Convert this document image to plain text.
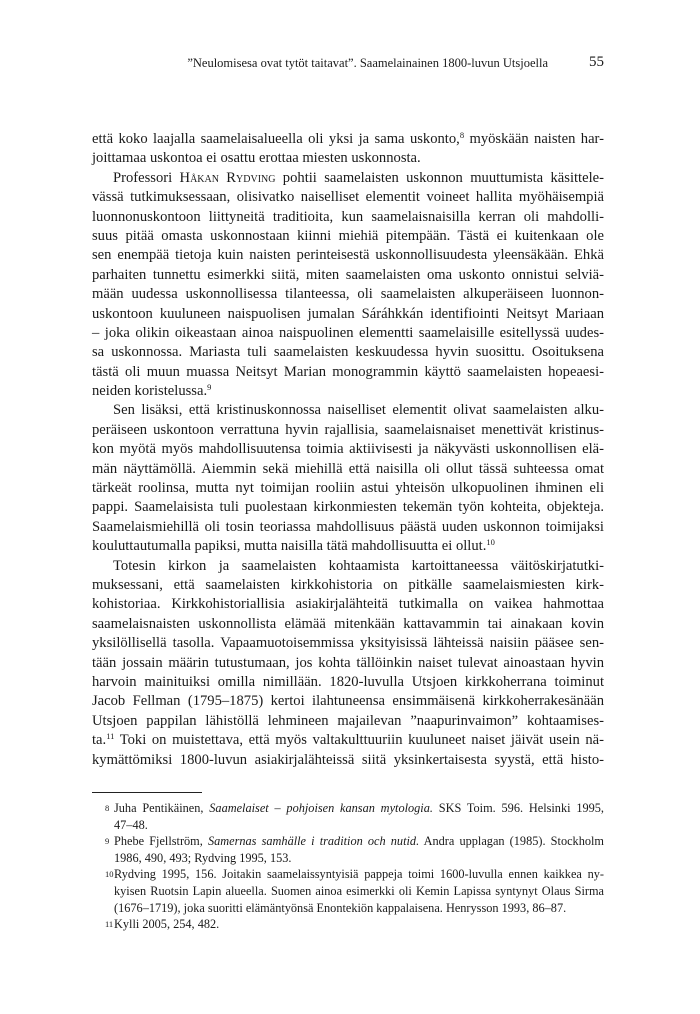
”Neulomisesa ovat tytöt taitavat”. Saamelainainen 1800-luvun Utsjoella	55
että koko laajalla saamelaisalueella oli yksi ja sama uskonto,$^8$ myöskään naisten har-
joittamaa uskontoa ei osattu erottaa miesten uskonnosta.
Professori Håkan Rydving pohtii saamelaisten uskonnon muuttumista käsittele-
vässä tutkimuksessaan, olisivatko naiselliset elementit voineet hallita myöhäisempiä
luonnonuskontoon liittyneitä traditioita, kun saamelaisnaisilla kerran oli mahdolli-
suus pitää omasta uskonnostaan kiinni miehiä pitempään. Tästä ei kuitenkaan ole
sen enempää tietoja kuin naisten perinteisestä uskonnollisuudesta yleensäkään. Ehkä
parhaiten tunnettu esimerkki siitä, miten saamelaisten oma uskonto onnistui selviä-
mään uudessa uskonnollisessa tilanteessa, oli saamelaisten alkuperäiseen luonnon-
uskontoon kuuluneen naispuolisen jumalan Sáráhkkán identifiointi Neitsyt Mariaan
– joka olikin oikeastaan ainoa naispuolinen elementti saamelaisille esitellyssä uudes-
sa uskonnossa. Mariasta tuli saamelaisten keskuudessa hyvin suosittu. Osoituksena
tästä oli muun muassa Neitsyt Marian monogrammin käyttö saamelaisten hopeaesi-
neiden koristelussa.$^9$
Sen lisäksi, että kristinuskonnossa naiselliset elementit olivat saamelaisten alku-
peräiseen uskontoon verrattuna hyvin rajallisia, saamelaisnaiset menettivät kristinus-
kon myötä myös mahdollisuutensa toimia aktiivisesti ja näkyvästi uskonnollisen elä-
män näyttämöllä. Aiemmin sekä miehillä että naisilla oli ollut tässä suhteessa omat
tärkeät roolinsa, mutta nyt toimijan rooliin astui yhteisön ulkopuolinen ihminen eli
pappi. Saamelaisista tuli puolestaan kirkonmiesten tekemän työn kohteita, objekteja.
Saamelaismiehillä oli tosin teoriassa mahdollisuus päästä uuden uskonnon toimijaksi
kouluttautumalla papiksi, mutta naisilla tätä mahdollisuutta ei ollut.$^{10}$
Totesin kirkon ja saamelaisten kohtaamista kartoittaneessa väitöskirjatutki-
muksessani, että saamelaisten kirkkohistoria on pitkälle saamelaismiesten kirk-
kohistoriaa. Kirkkohistoriallisia asiakirjalähteitä tutkimalla on vaikea hahmottaa
saamelaisnaisten uskonnollista elämää mitenkään kattavammin tai ainakaan kovin
yksilöllisellä tasolla. Vapaamuotoisemmissa yksityisissä lähteissä naisiin pääsee sen-
tään jossain määrin tutustumaan, jos kohta tällöinkin naiset tulevat ainoastaan hyvin
harvoin mainituiksi omilla nimillään. 1820-luvulla Utsjoen kirkkoherrana toiminut
Jacob Fellman (1795–1875) kertoi ilahtuneensa ensimmäisenä kirkkoherrakesänään
Utsjoen pappilan lähistöllä lehmineen majailevan ”naapurinvaimon” kohtaamises-
ta.$^{11}$ Toki on muistettava, että myös valtakulttuuriin kuuluneet naiset jäivät usein nä-
kymättömiksi 1800-luvun asiakirjalähteissä siitä yksinkertaisesta syystä, että histo-
8 Juha Pentikäinen, Saamelaiset – pohjoisen kansan mytologia. SKS Toim. 596. Helsinki 1995,
47–48.
9 Phebe Fjellström, Samernas samhälle i tradition och nutid. Andra upplagan (1985). Stockholm
1986, 490, 493; Rydving 1995, 153.
10 Rydving 1995, 156. Joitakin saamelaissyntyisiä pappeja toimi 1600-luvulla ennen kaikkea ny-
kyisen Ruotsin Lapin alueella. Suomen ainoa esimerkki oli Kemin Lapissa syntynyt Olaus Sirma
(1676–1719), joka suoritti elämäntyönsä Enontekiön kappalaisena. Henrysson 1993, 86–87.
11 Kylli 2005, 254, 482.
